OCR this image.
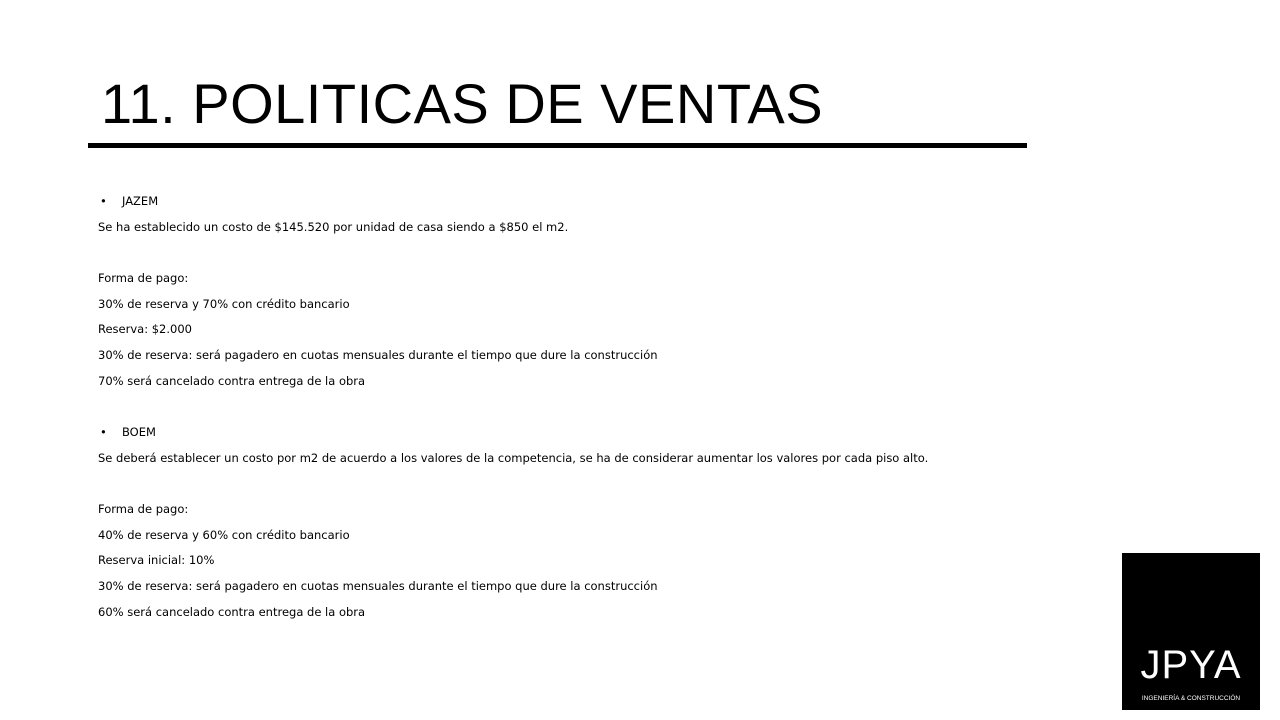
11. POLITICAS DE VENTAS
• JAZEM
Se ha establecido un costo de $145.520 por unidad de casa siendo a $850 el m2.
Forma de pago:
30% de reserva y 70% con crédito bancario
Reserva: $2.000
30% de reserva: será pagadero en cuotas mensuales durante el tiempo que dure la construcción
70% será cancelado contra entrega de la obra
• BOEM
Se deberá establecer un costo por m2 de acuerdo a los valores de la competencia, se ha de considerar aumentar los valores por cada piso alto.
Forma de pago:
40% de reserva y 60% con crédito bancario
Reserva inicial: 10%
30% de reserva: será pagadero en cuotas mensuales durante el tiempo que dure la construcción
60% será cancelado contra entrega de la obra
JPYA
INGENIERÍA & CONSTRUCCIÓN
